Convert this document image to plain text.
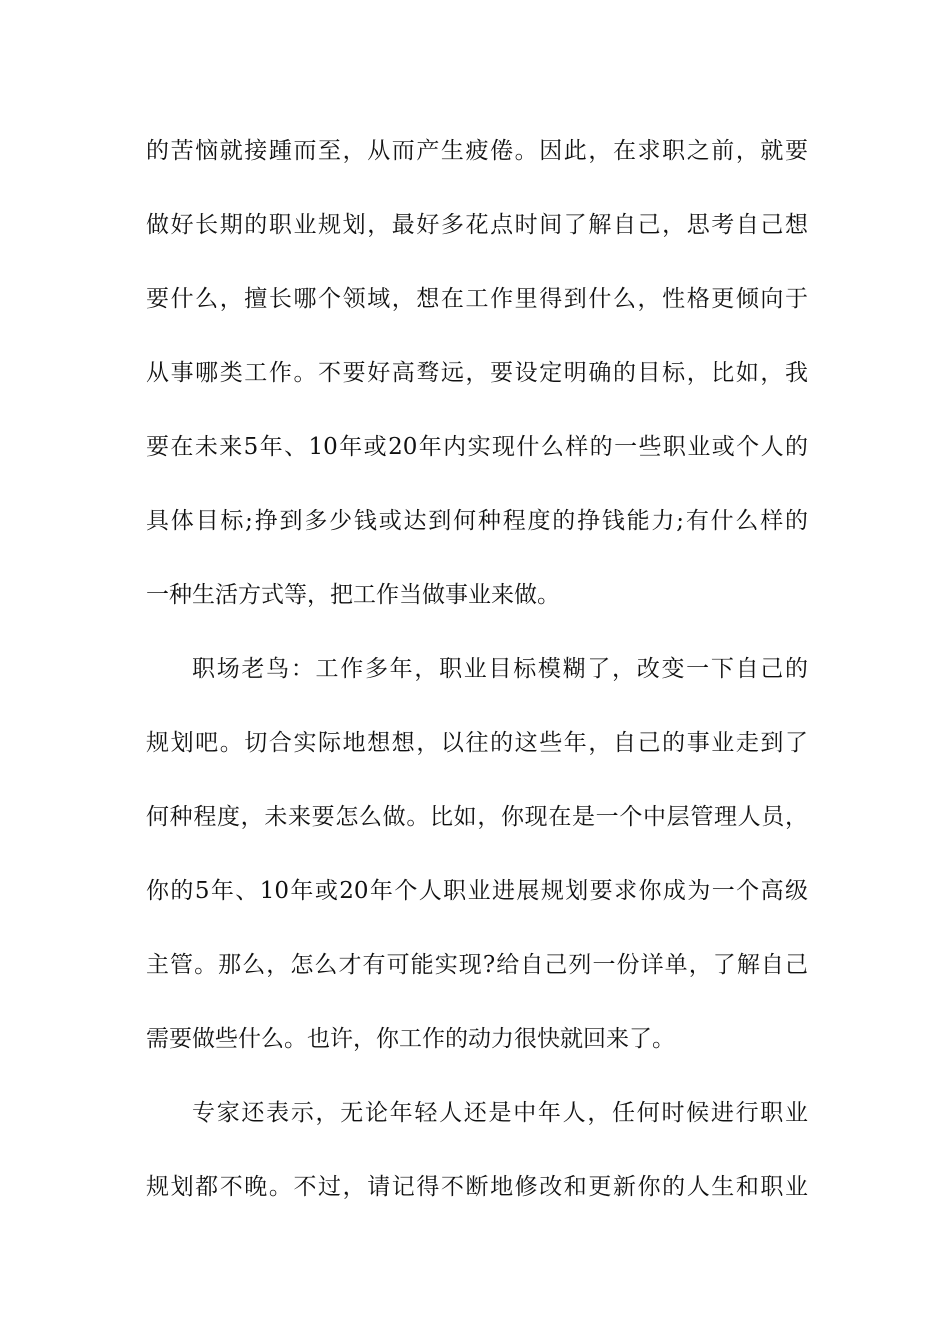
的苦恼就接踵而至，从而产生疲倦。因此，在求职之前，就要
做好长期的职业规划，最好多花点时间了解自己，思考自己想
要什么，擅长哪个领域，想在工作里得到什么，性格更倾向于
从事哪类工作。不要好高骛远，要设定明确的目标，比如，我
要在未来5年、10年或20年内实现什么样的一些职业或个人的
具体目标;挣到多少钱或达到何种程度的挣钱能力;有什么样的
一种生活方式等，把工作当做事业来做。
职场老鸟：工作多年，职业目标模糊了，改变一下自己的
规划吧。切合实际地想想，以往的这些年，自己的事业走到了
何种程度，未来要怎么做。比如，你现在是一个中层管理人员，
你的5年、10年或20年个人职业进展规划要求你成为一个高级
主管。那么，怎么才有可能实现?给自己列一份详单，了解自己
需要做些什么。也许，你工作的动力很快就回来了。
专家还表示，无论年轻人还是中年人，任何时候进行职业
规划都不晚。不过，请记得不断地修改和更新你的人生和职业
